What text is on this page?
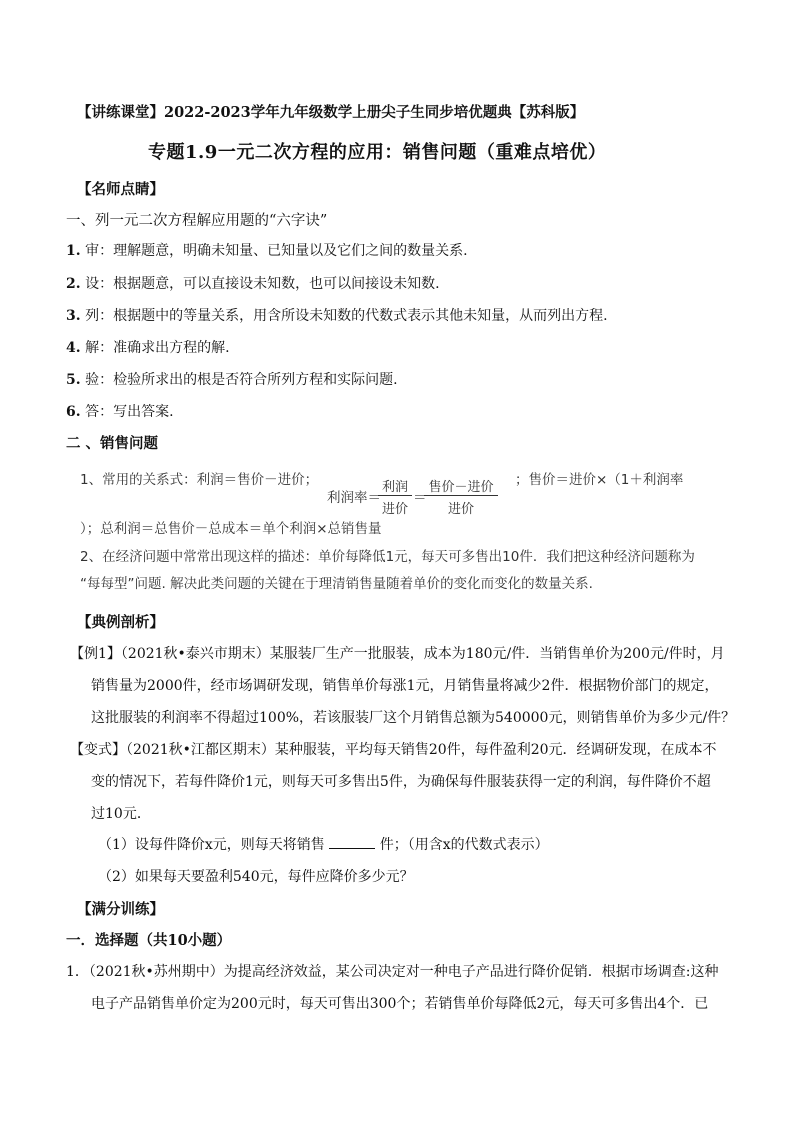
【讲练课堂】2022-2023学年九年级数学上册尖子生同步培优题典【苏科版】
专题1.9一元二次方程的应用：销售问题（重难点培优）
【名师点睛】
一、列一元二次方程解应用题的“六字诀”
1. 审：理解题意，明确未知量、已知量以及它们之间的数量关系.
2. 设：根据题意，可以直接设未知数，也可以间接设未知数.
3. 列：根据题中的等量关系，用含所设未知数的代数式表示其他未知量，从而列出方程.
4. 解：准确求出方程的解.
5. 验：检验所求出的根是否符合所列方程和实际问题.
6. 答：写出答案.
二 、销售问题
1、常用的关系式：利润＝售价－进价；
利润率＝
利润
进价
＝
售价－进价
进价
；售价＝进价×（1＋利润率
）；总利润＝总售价－总成本＝单个利润×总销售量
2、在经济问题中常常出现这样的描述：单价每降低1元，每天可多售出10件．我们把这种经济问题称为
“每每型”问题. 解决此类问题的关键在于理清销售量随着单价的变化而变化的数量关系.
【典例剖析】
【例1】（2021秋•泰兴市期末）某服装厂生产一批服装，成本为180元/件．当销售单价为200元/件时，月
销售量为2000件，经市场调研发现，销售单价每涨1元，月销售量将减少2件．根据物价部门的规定，
这批服装的利润率不得超过100%，若该服装厂这个月销售总额为540000元，则销售单价为多少元/件？
【变式】（2021秋•江都区期末）某种服装，平均每天销售20件，每件盈利20元．经调研发现，在成本不
变的情况下，若每件降价1元，则每天可多售出5件，为确保每件服装获得一定的利润，每件降价不超
过10元．
（1）设每件降价x元，则每天将销售	件；（用含x的代数式表示）
（2）如果每天要盈利540元，每件应降价多少元？
【满分训练】
一．选择题（共10小题）
1．（2021秋•苏州期中）为提高经济效益，某公司决定对一种电子产品进行降价促销．根据市场调查:这种
电子产品销售单价定为200元时，每天可售出300个；若销售单价每降低2元，每天可多售出4个．已
